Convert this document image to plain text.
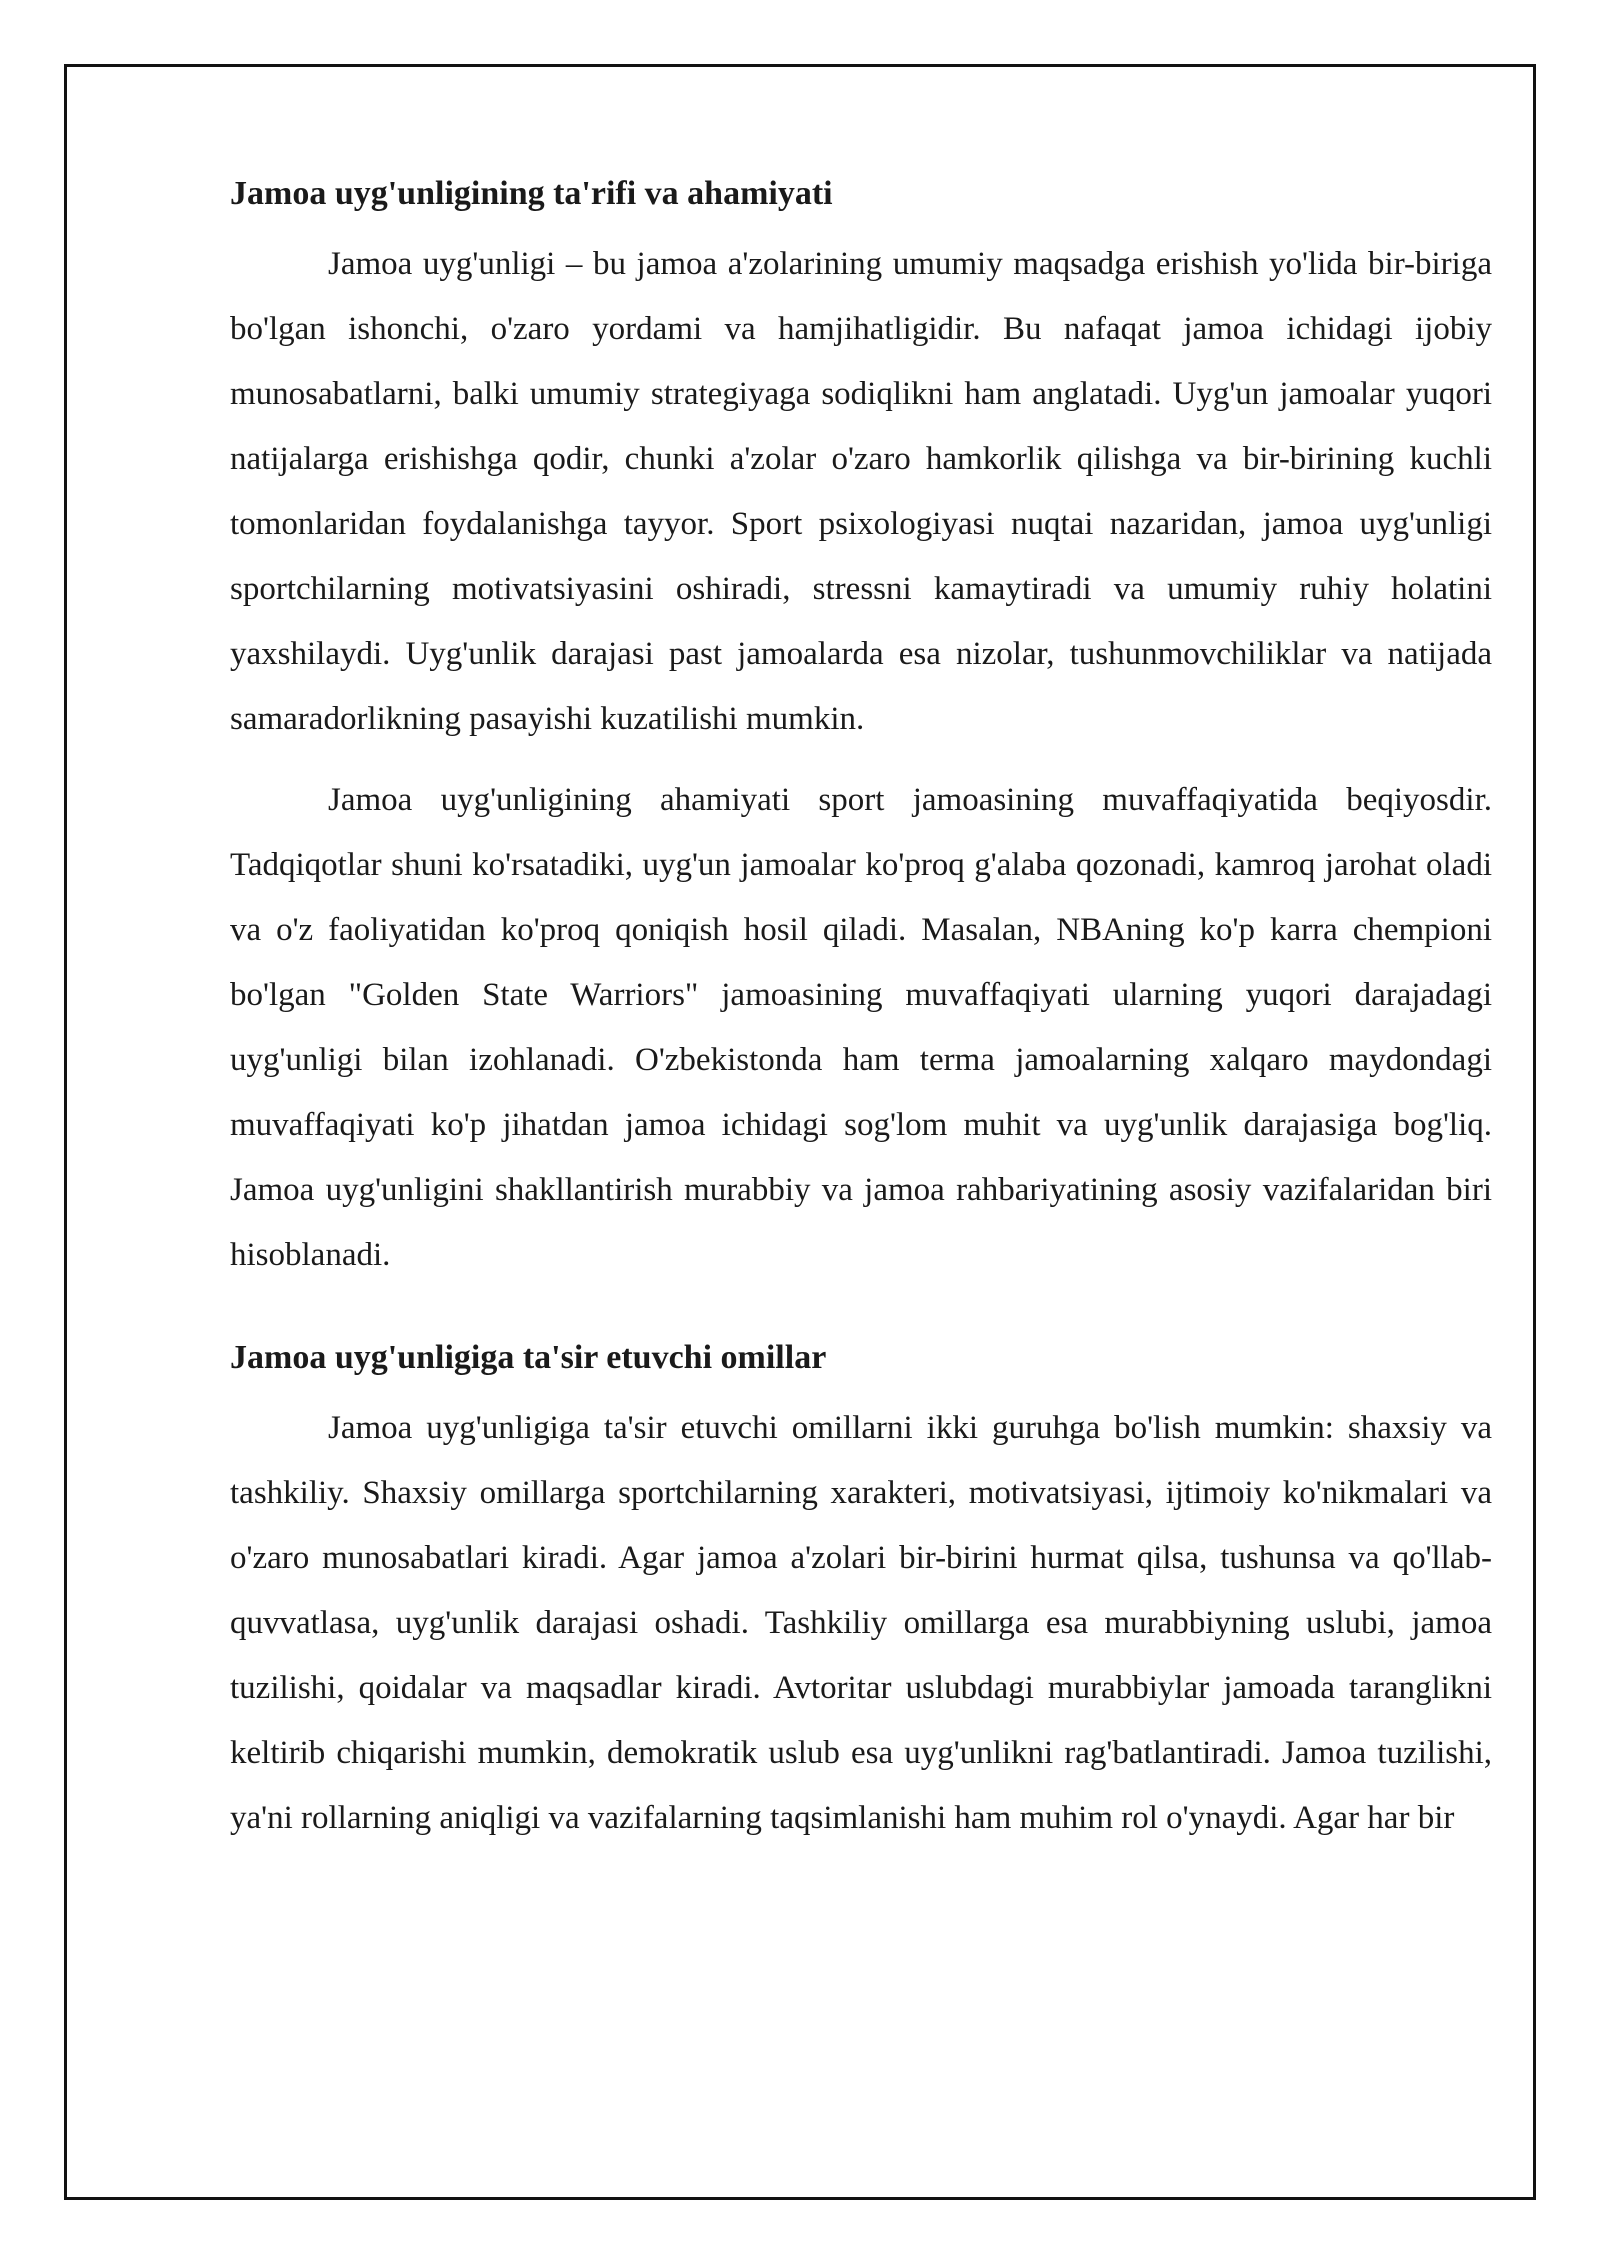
Jamoa uyg'unligining ta'rifi va ahamiyati

Jamoa uyg'unligi – bu jamoa a'zolarining umumiy maqsadga erishish yo'lida bir-biriga bo'lgan ishonchi, o'zaro yordami va hamjihatligidir. Bu nafaqat jamoa ichidagi ijobiy munosabatlarni, balki umumiy strategiyaga sodiqlikni ham anglatadi. Uyg'un jamoalar yuqori natijalarga erishishga qodir, chunki a'zolar o'zaro hamkorlik qilishga va bir-birining kuchli tomonlaridan foydalanishga tayyor. Sport psixologiyasi nuqtai nazaridan, jamoa uyg'unligi sportchilarning motivatsiyasini oshiradi, stressni kamaytiradi va umumiy ruhiy holatini yaxshilaydi. Uyg'unlik darajasi past jamoalarda esa nizolar, tushunmovchiliklar va natijada samaradorlikning pasayishi kuzatilishi mumkin.

Jamoa uyg'unligining ahamiyati sport jamoasining muvaffaqiyatida beqiyosdir. Tadqiqotlar shuni ko'rsatadiki, uyg'un jamoalar ko'proq g'alaba qozonadi, kamroq jarohat oladi va o'z faoliyatidan ko'proq qoniqish hosil qiladi. Masalan, NBAning ko'p karra chempioni bo'lgan "Golden State Warriors" jamoasining muvaffaqiyati ularning yuqori darajadagi uyg'unligi bilan izohlanadi. O'zbekistonda ham terma jamoalarning xalqaro maydondagi muvaffaqiyati ko'p jihatdan jamoa ichidagi sog'lom muhit va uyg'unlik darajasiga bog'liq. Jamoa uyg'unligini shakllantirish murabbiy va jamoa rahbariyatining asosiy vazifalaridan biri hisoblanadi.

Jamoa uyg'unligiga ta'sir etuvchi omillar

Jamoa uyg'unligiga ta'sir etuvchi omillarni ikki guruhga bo'lish mumkin: shaxsiy va tashkiliy. Shaxsiy omillarga sportchilarning xarakteri, motivatsiyasi, ijtimoiy ko'nikmalari va o'zaro munosabatlari kiradi. Agar jamoa a'zolari bir-birini hurmat qilsa, tushunsa va qo'llab-quvvatlasa, uyg'unlik darajasi oshadi. Tashkiliy omillarga esa murabbiyning uslubi, jamoa tuzilishi, qoidalar va maqsadlar kiradi. Avtoritar uslubdagi murabbiylar jamoada taranglikni keltirib chiqarishi mumkin, demokratik uslub esa uyg'unlikni rag'batlantiradi. Jamoa tuzilishi, ya'ni rollarning aniqligi va vazifalarning taqsimlanishi ham muhim rol o'ynaydi. Agar har bir
